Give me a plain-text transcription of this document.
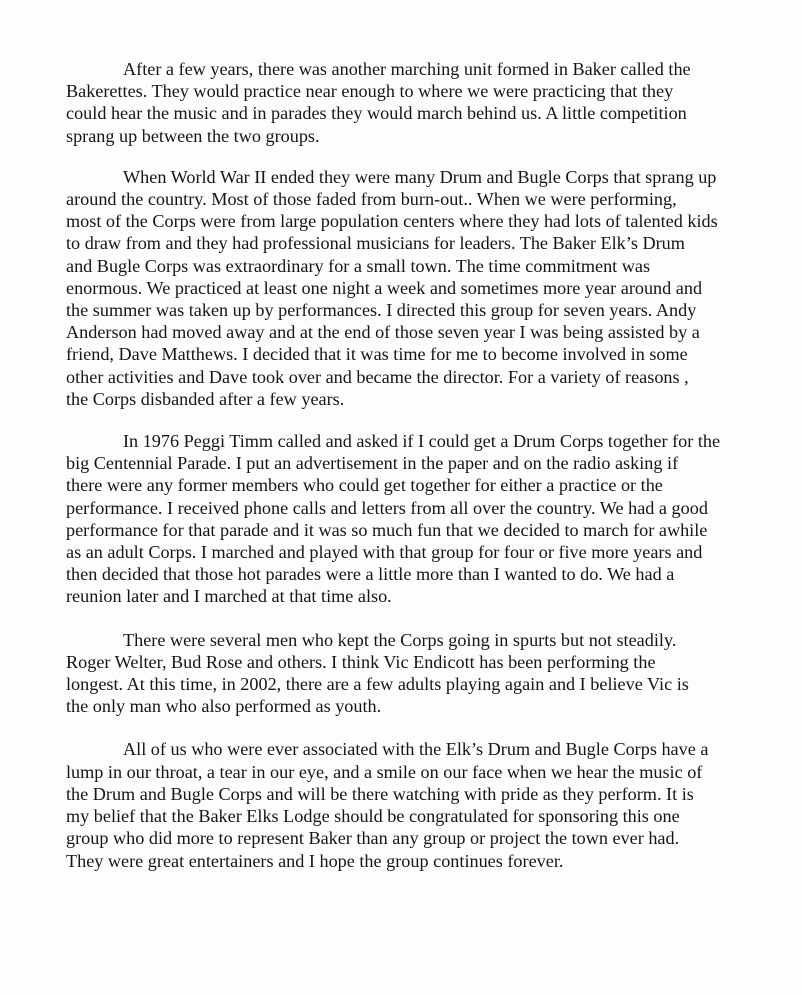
After a few years, there was another marching unit formed in Baker called the
Bakerettes. They would practice near enough to where we were practicing that they
could hear the music and in parades they would march behind us. A little competition
sprang up between the two groups.
When World War II ended they were many Drum and Bugle Corps that sprang up
around the country. Most of those faded from burn-out.. When we were performing,
most of the Corps were from large population centers where they had lots of talented kids
to draw from and they had professional musicians for leaders. The Baker Elk’s Drum
and Bugle Corps was extraordinary for a small town. The time commitment was
enormous. We practiced at least one night a week and sometimes more year around and
the summer was taken up by performances. I directed this group for seven years. Andy
Anderson had moved away and at the end of those seven year I was being assisted by a
friend, Dave Matthews. I decided that it was time for me to become involved in some
other activities and Dave took over and became the director. For a variety of reasons ,
the Corps disbanded after a few years.
In 1976 Peggi Timm called and asked if I could get a Drum Corps together for the
big Centennial Parade. I put an advertisement in the paper and on the radio asking if
there were any former members who could get together for either a practice or the
performance. I received phone calls and letters from all over the country. We had a good
performance for that parade and it was so much fun that we decided to march for awhile
as an adult Corps. I marched and played with that group for four or five more years and
then decided that those hot parades were a little more than I wanted to do. We had a
reunion later and I marched at that time also.
There were several men who kept the Corps going in spurts but not steadily.
Roger Welter, Bud Rose and others. I think Vic Endicott has been performing the
longest. At this time, in 2002, there are a few adults playing again and I believe Vic is
the only man who also performed as youth.
All of us who were ever associated with the Elk’s Drum and Bugle Corps have a
lump in our throat, a tear in our eye, and a smile on our face when we hear the music of
the Drum and Bugle Corps and will be there watching with pride as they perform. It is
my belief that the Baker Elks Lodge should be congratulated for sponsoring this one
group who did more to represent Baker than any group or project the town ever had.
They were great entertainers and I hope the group continues forever.
